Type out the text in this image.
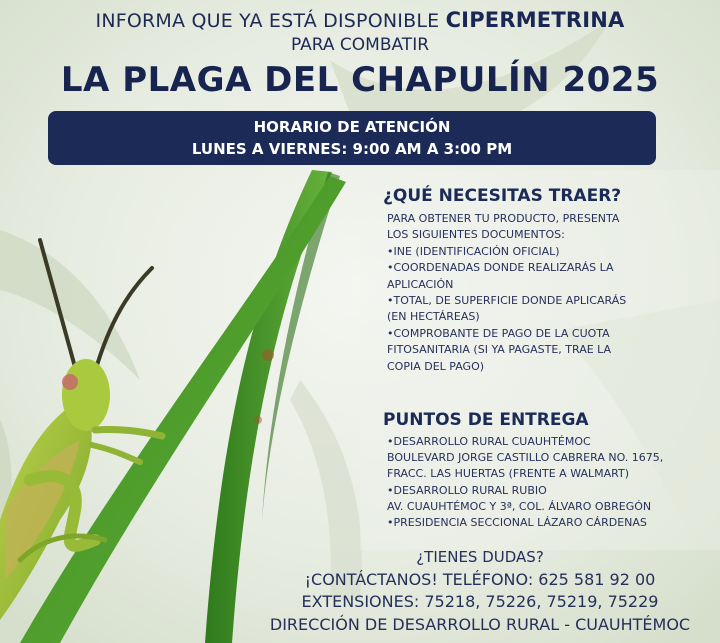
INFORMA QUE YA ESTÁ DISPONIBLE CIPERMETRINA
PARA COMBATIR
LA PLAGA DEL CHAPULÍN 2025
HORARIO DE ATENCIÓN
LUNES A VIERNES: 9:00 AM A 3:00 PM
¿QUÉ NECESITAS TRAER?
PARA OBTENER TU PRODUCTO, PRESENTA
LOS SIGUIENTES DOCUMENTOS:
•INE (IDENTIFICACIÓN OFICIAL)
•COORDENADAS DONDE REALIZARÁS LA
APLICACIÓN
•TOTAL, DE SUPERFICIE DONDE APLICARÁS
(EN HECTÁREAS)
•COMPROBANTE DE PAGO DE LA CUOTA
FITOSANITARIA (SI YA PAGASTE, TRAE LA
COPIA DEL PAGO)
PUNTOS DE ENTREGA
•DESARROLLO RURAL CUAUHTÉMOC
BOULEVARD JORGE CASTILLO CABRERA NO. 1675,
FRACC. LAS HUERTAS (FRENTE A WALMART)
•DESARROLLO RURAL RUBIO
AV. CUAUHTÉMOC Y 3ª, COL. ÁLVARO OBREGÓN
•PRESIDENCIA SECCIONAL LÁZARO CÁRDENAS
¿TIENES DUDAS?
¡CONTÁCTANOS! TELÉFONO: 625 581 92 00
EXTENSIONES: 75218, 75226, 75219, 75229
DIRECCIÓN DE DESARROLLO RURAL - CUAUHTÉMOC
